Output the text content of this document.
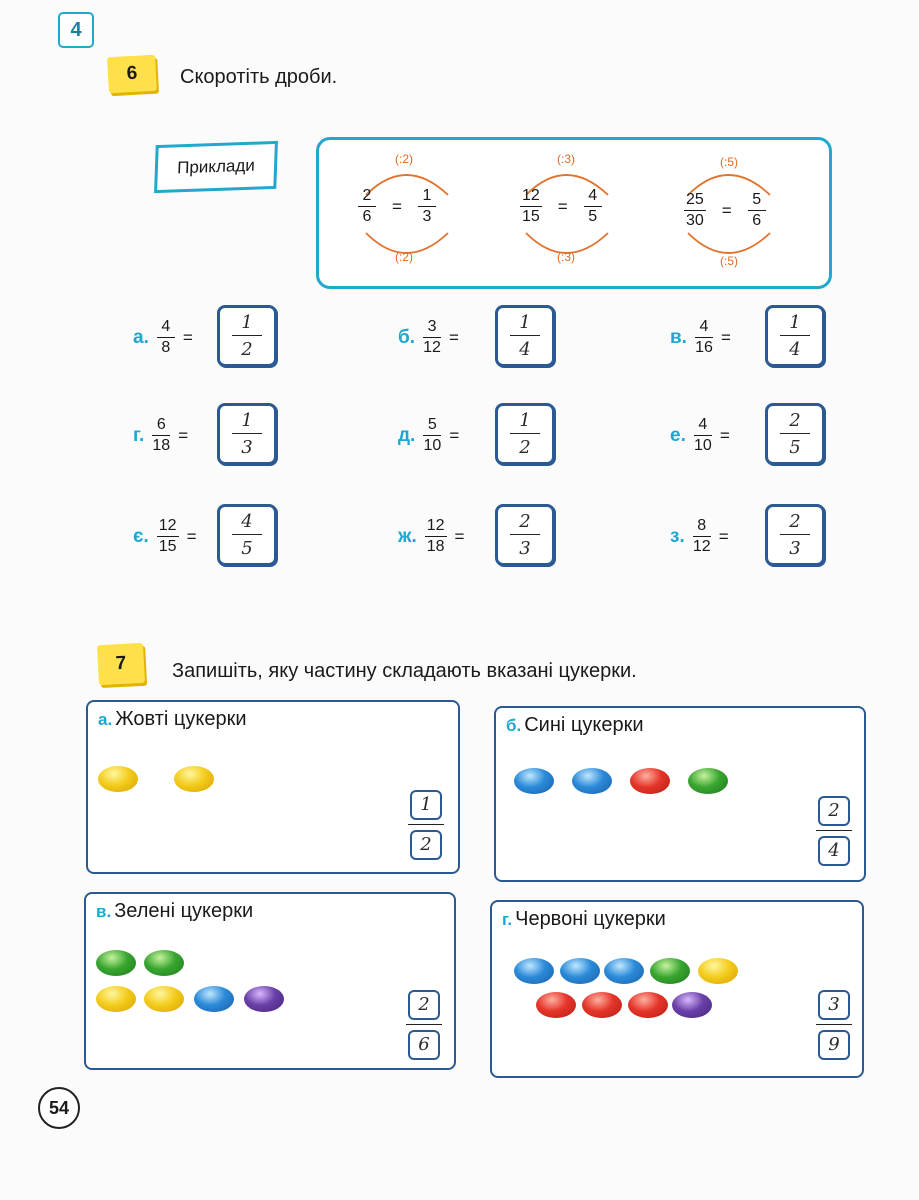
4
6	Скоротіть дроби.
Приклади	(:2)
(:2)
$\frac{2}{6} = \frac{1}{3}$
(:3)
(:3)
$\frac{12}{15} = \frac{4}{5}$
(:5)
(:5)
$\frac{25}{30} = \frac{5}{6}$
а. $\frac{4}{8}$ =
1
2
б. $\frac{3}{12}$ =
1
4
в. $\frac{4}{16}$ =
1
4
г. $\frac{6}{18}$ =
1
3
д. $\frac{5}{10}$ =
1
2
е. $\frac{4}{10}$ =
2
5
є. $\frac{12}{15}$ =
4
5
ж. $\frac{12}{18}$ =
2
3
з. $\frac{8}{12}$ =
2
3
7	Запишіть, яку частину складають вказані цукерки.
а. Жовті цукерки
1
2
б. Сині цукерки
2
4
в. Зелені цукерки
2
6
г. Червоні цукерки
3
9
54
